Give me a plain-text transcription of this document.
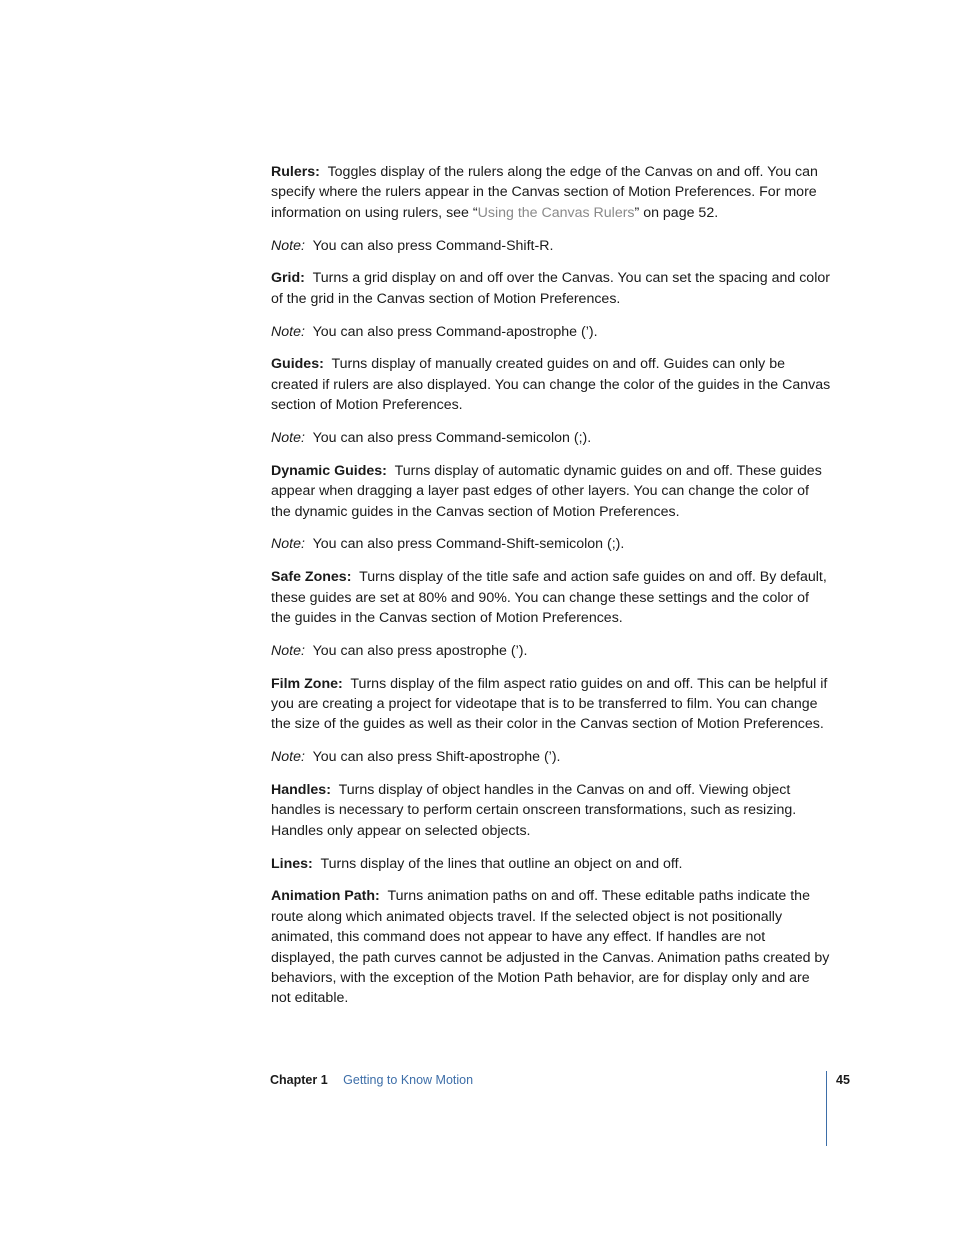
Rulers: Toggles display of the rulers along the edge of the Canvas on and off. You can specify where the rulers appear in the Canvas section of Motion Preferences. For more information on using rulers, see “Using the Canvas Rulers” on page 52.

Note: You can also press Command-Shift-R.

Grid: Turns a grid display on and off over the Canvas. You can set the spacing and color of the grid in the Canvas section of Motion Preferences.

Note: You can also press Command-apostrophe (’).

Guides: Turns display of manually created guides on and off. Guides can only be created if rulers are also displayed. You can change the color of the guides in the Canvas section of Motion Preferences.

Note: You can also press Command-semicolon (;).

Dynamic Guides: Turns display of automatic dynamic guides on and off. These guides appear when dragging a layer past edges of other layers. You can change the color of the dynamic guides in the Canvas section of Motion Preferences.

Note: You can also press Command-Shift-semicolon (;).

Safe Zones: Turns display of the title safe and action safe guides on and off. By default, these guides are set at 80% and 90%. You can change these settings and the color of the guides in the Canvas section of Motion Preferences.

Note: You can also press apostrophe (’).

Film Zone: Turns display of the film aspect ratio guides on and off. This can be helpful if you are creating a project for videotape that is to be transferred to film. You can change the size of the guides as well as their color in the Canvas section of Motion Preferences.

Note: You can also press Shift-apostrophe (’).

Handles: Turns display of object handles in the Canvas on and off. Viewing object handles is necessary to perform certain onscreen transformations, such as resizing. Handles only appear on selected objects.

Lines: Turns display of the lines that outline an object on and off.

Animation Path: Turns animation paths on and off. These editable paths indicate the route along which animated objects travel. If the selected object is not positionally animated, this command does not appear to have any effect. If handles are not displayed, the path curves cannot be adjusted in the Canvas. Animation paths created by behaviors, with the exception of the Motion Path behavior, are for display only and are not editable.

Chapter 1 Getting to Know Motion	45
